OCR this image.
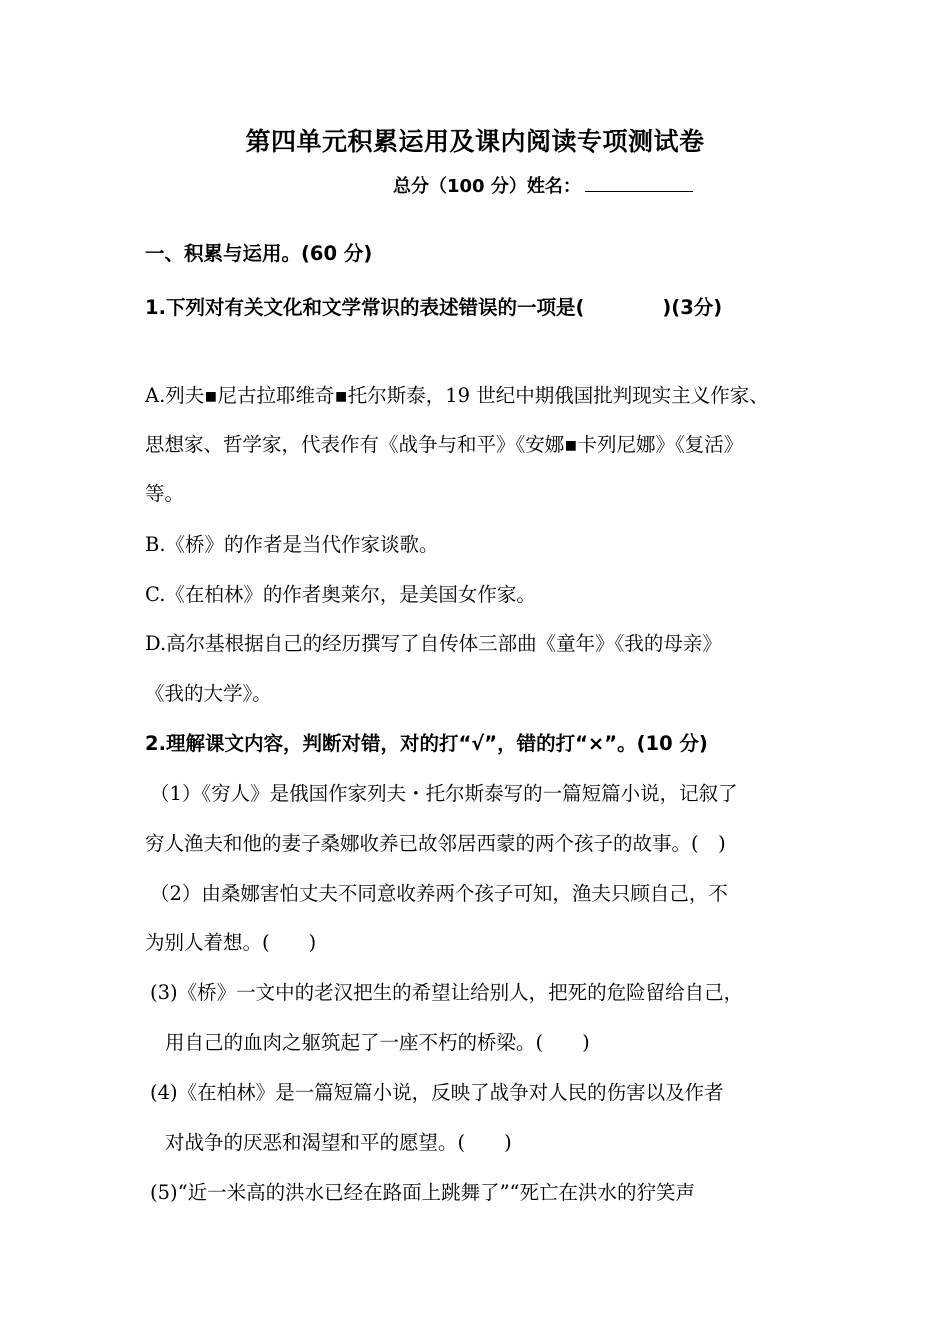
第四单元积累运用及课内阅读专项测试卷
总分（100 分）姓名：
一、积累与运用。(60 分)
1.下列对有关文化和文学常识的表述错误的一项是(　　　　)(3分)
A.列夫▪尼古拉耶维奇▪托尔斯泰，19 世纪中期俄国批判现实主义作家、
思想家、哲学家，代表作有《战争与和平》《安娜▪卡列尼娜》《复活》
等。
B.《桥》的作者是当代作家谈歌。
C.《在柏林》的作者奥莱尔，是美国女作家。
D.高尔基根据自己的经历撰写了自传体三部曲《童年》《我的母亲》
《我的大学》。
2.理解课文内容，判断对错，对的打“√”，错的打“×”。(10 分)
（1）《穷人》是俄国作家列夫・托尔斯泰写的一篇短篇小说，记叙了
穷人渔夫和他的妻子桑娜收养已故邻居西蒙的两个孩子的故事。(　)
（2）由桑娜害怕丈夫不同意收养两个孩子可知，渔夫只顾自己，不
为别人着想。(　　)
(3)《桥》一文中的老汉把生的希望让给别人，把死的危险留给自己，
用自己的血肉之躯筑起了一座不朽的桥梁。(　　)
(4)《在柏林》是一篇短篇小说，反映了战争对人民的伤害以及作者
对战争的厌恶和渴望和平的愿望。(　　)
(5)“近一米高的洪水已经在路面上跳舞了”“死亡在洪水的狞笑声
